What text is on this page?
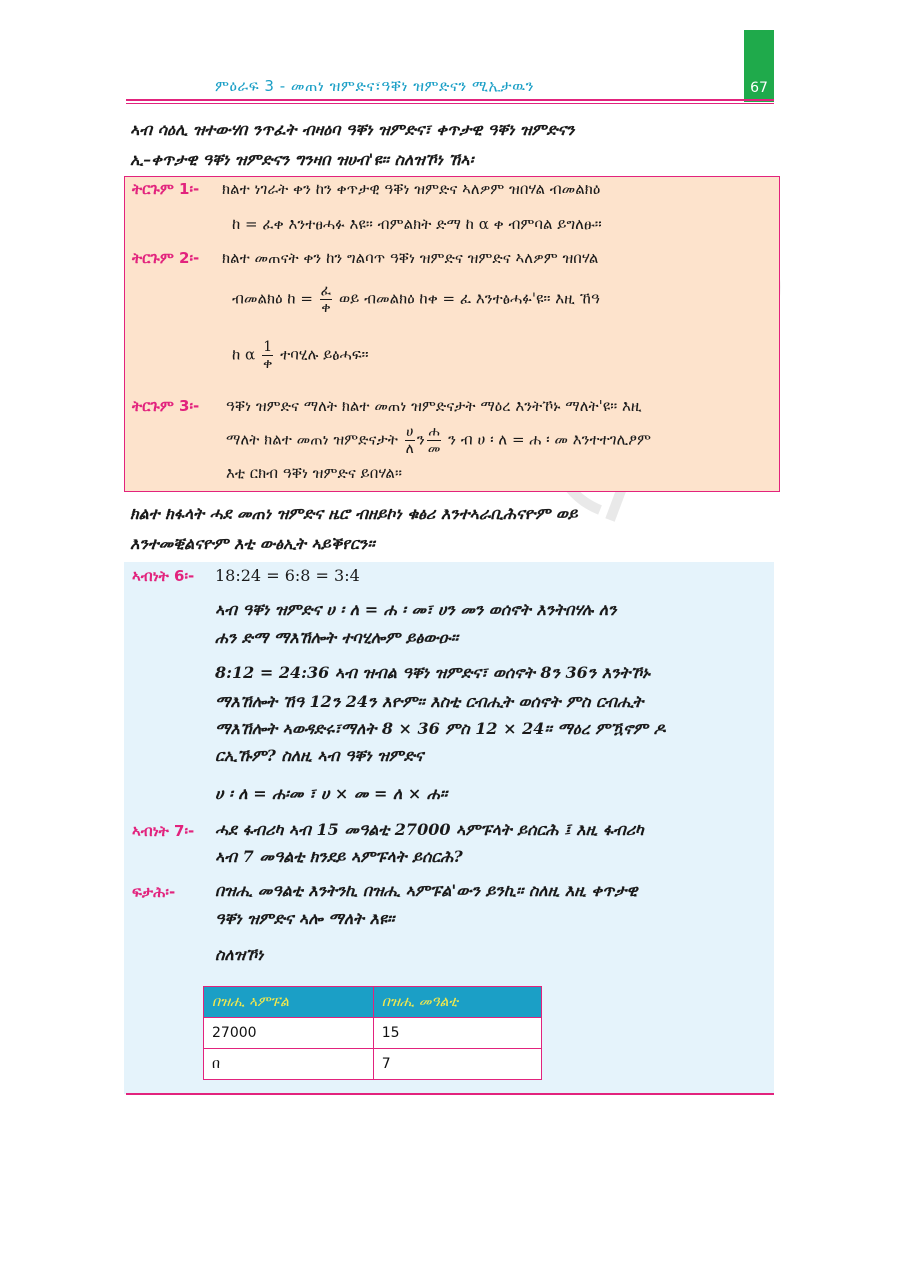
67
ምዕራፍ 3 - መጠነ ዝምድና፣ዓቐነ ዝምድናን ሚኢታዉን
ኣብ ሳዕሊ ዝተውሃበ ንጥፈት ብዛዕባ ዓቐነ ዝምድና፣ ቀጥታዊ ዓቐነ ዝምድናን
ኢ–ቀጥታዊ ዓቐነ ዝምድናን ግንዛበ ዝሀብ'ዩ። ስለዝኾነ ኸኣ፡
ትርጉም 1፡- ክልተ ነገራት ቀን ከን ቀጥታዊ ዓቐነ ዝምድና ኣለዎም ዝበሃል ብመልክዕ
ከ = ፈቀ እንተፀሓፉ እዩ። ብምልክት ድማ ከ α ቀ ብምባል ይግለፁ።
ትርጉም 2፡- ክልተ መጠናት ቀን ከን ግልባጥ ዓቐነ ዝምድና ዝምድና ኣለዎም ዝበሃል
ብመልክዕ ከ = $\frac{\text{ፈ}}{\text{ቀ}}$ ወይ ብመልክዕ ከቀ = ፈ እንተፅሓፉ'ዩ። እዚ ኸዓ
ከ α $\frac{1}{\text{ቀ}}$ ተባሂሉ ይፅሓፍ።
ትርጉም 3፡- ዓቐነ ዝምድና ማለት ክልተ መጠነ ዝምድናታት ማዕረ እንትኾኑ ማለት'ዩ። እዚ
ማለት ክልተ መጠነ ዝምድናታት $\frac{\text{ሀ}}{\text{ለ}}$ ን $\frac{\text{ሐ}}{\text{መ}}$ ን ብ ሀ ፡ ለ = ሐ ፡ መ እንተተገሊፆም
እቲ ርክብ ዓቐነ ዝምድና ይበሃል።
ክልተ ክፋላት ሓደ መጠነ ዝምድና ዜሮ ብዘይኮነ ቁፅሪ እንተኣራቢሕናዮም ወይ
እንተመቒልናዮም እቲ ውፅኢት ኣይቕየርን።
ኣብነት 6፡- 18:24 = 6:8 = 3:4
ኣብ ዓቐነ ዝምድና ሀ ፡ ለ = ሐ ፡ መ፣ ሀን መን ወሰኖት እንትበሃሉ ለን
ሐን ድማ ማእኸሎት ተባሂሎም ይፅውዑ።
8:12 = 24:36 ኣብ ዝብል ዓቐነ ዝምድና፣ ወሰኖት 8ን 36ን እንትኾኑ
ማእኸሎት ኸዓ 12ን 24ን እዮም። እስቲ ርብሒት ወሰኖት ምስ ርብሒት
ማእኸሎት ኣወዳድሩ፣ማለት 8 × 36 ምስ 12 × 24። ማዕረ ምዃኖም ዶ
ርኢኹም? ስለዚ ኣብ ዓቐነ ዝምድና
ሀ ፡ ለ = ሐ፡መ ፣ ሀ × መ = ለ × ሐ።
ኣብነት 7፡- ሓደ ፋብሪካ ኣብ 15 መዓልቲ 27000 ኣምፑላት ይሰርሕ ፤ እዚ ፋብሪካ
ኣብ 7 መዓልቲ ክንደይ ኣምፑላት ይሰርሕ?
ፍታሕ፡- በዝሒ መዓልቲ እንትንኪ በዝሒ ኣምፑል'ውን ይንኪ። ስለዚ እዚ ቀጥታዊ
ዓቐነ ዝምድና ኣሎ ማለት እዩ።
ስለዝኾነ
በዝሒ ኣምፑል	በዝሒ መዓልቲ
27000	15
በ	7
